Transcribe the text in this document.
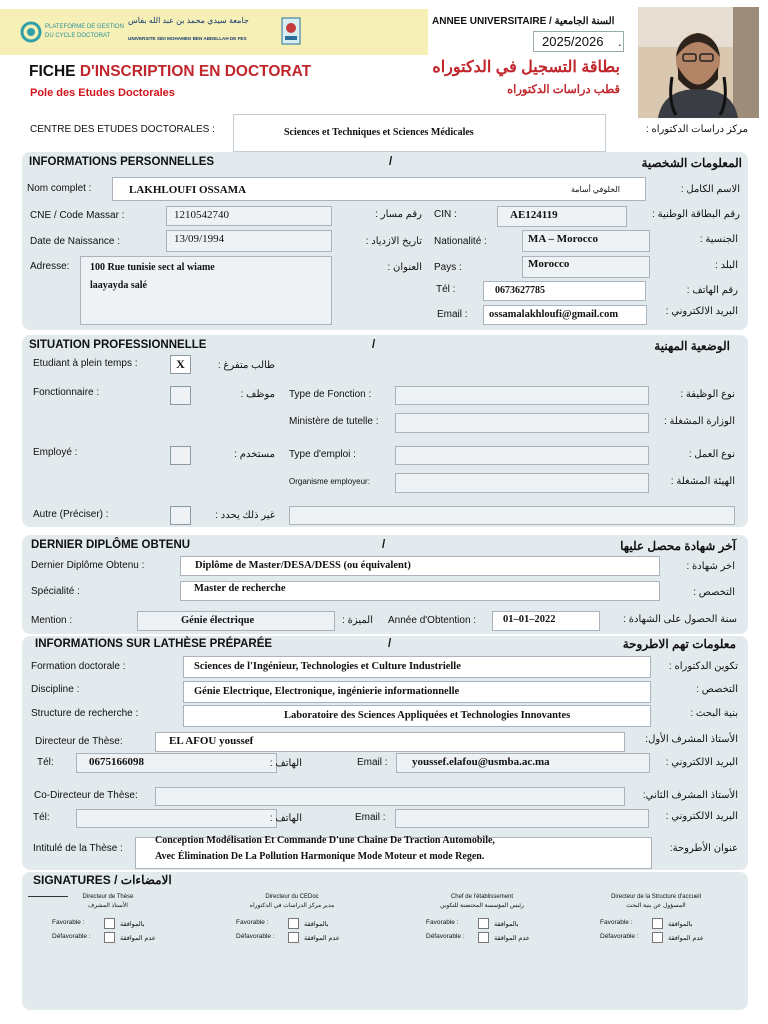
PLATEFORME DE GESTION
DU CYCLE DOCTORAT
جامعة سيدي محمد بن عبد الله بفاس
UNIVERSITE SIDI MOHAMED BEN ABDELLAH DE FES
ANNEE UNIVERSITAIRE / السنة الجامعية
2025/2026 .
FICHE D'INSCRIPTION EN DOCTORAT	بطاقة التسجيل في الدكتوراه
Pole des Etudes Doctorales	قطب دراسات الدكتوراه
CENTRE DES ETUDES DOCTORALES :	Sciences et Techniques et Sciences Médicales	مركز دراسات الدكتوراه :
INFORMATIONS PERSONNELLES	/	المعلومات الشخصية
Nom complet :	LAKHLOUFI OSSAMA	الخلوفي أسامة	الاسم الكامل :
CNE / Code Massar :	1210542740	رقم مسار : CIN :	AE124119	رقم البطاقة الوطنية :
Date de Naissance :	13/09/1994	تاريخ الازدياد : Nationalité :	MA – Morocco	الجنسية :
Adresse: 100 Rue tunisie sect al wiame
laayayda salé
العنوان : Pays :	Morocco	البلد :
Tél :	0673627785	رقم الهاتف :
Email : ossamalakhloufi@gmail.com	البريد الالكتروني :
SITUATION PROFESSIONNELLE	/	الوضعية المهنية
Etudiant à plein temps :	X	طالب متفرغ :
Fonctionnaire :	موظف : Type de Fonction :	نوع الوظيفة :
Ministère de tutelle :	الوزارة المشغلة :
Employé :	مستخدم : Type d'emploi :	نوع العمل :
Organisme employeur:	الهيئة المشغلة :
Autre (Préciser) :	غير ذلك يحدد :
DERNIER DIPLÔME OBTENU	/	آخر شهادة محصل عليها
Dernier Diplôme Obtenu :	Diplôme de Master/DESA/DESS (ou équivalent)	اخر شهادة :
Spécialité :	Master de recherche	التخصص :
Mention :	Génie électrique	الميزة : Année d'Obtention :	01–01–2022	سنة الحصول على الشهادة :
INFORMATIONS SUR LATHÈSE PRÉPARÉE	/	معلومات تهم الاطروحة
Formation doctorale :	Sciences de l'Ingénieur, Technologies et Culture Industrielle	تكوين الدكتوراه :
Discipline :	Génie Electrique, Electronique, ingénierie informationnelle	التخصص :
Structure de recherche :	Laboratoire des Sciences Appliquées et Technologies Innovantes	بنية البحث :
Directeur de Thèse:	EL AFOU youssef	الأستاذ المشرف الأول:
Tél:	0675166098	الهاتف :	Email : youssef.elafou@usmba.ac.ma	البريد الالكتروني :
Co-Directeur de Thèse:	الأستاذ المشرف الثاني:
Tél:	الهاتف :	Email :	البريد الالكتروني :
Intitulé de la Thèse :
Conception Modélisation Et Commande D'une Chaine De Traction Automobile,
Avec Élimination De La Pollution Harmonique Mode Moteur et mode Regen.
عنوان الأطروحة:
SIGNATURES / الامضاءات
Directeur de Thèse
الأستاذ المشرف
Favorable :	بالموافقة
Défavorable :	عدم الموافقة
Directeur du CEDoc
مدير مركز الدراسات في الدكتوراه
Favorable :	بالموافقة
Défavorable :	عدم الموافقة
Chef de l'établissement
رئيس المؤسسة المحتضنة للتكوين
Favorable :	بالموافقة
Défavorable :	عدم الموافقة
Directeur de la Structure d'accueil
المسؤول عن بنية البحث
Favorable :	بالموافقة
Défavorable :	عدم الموافقة
